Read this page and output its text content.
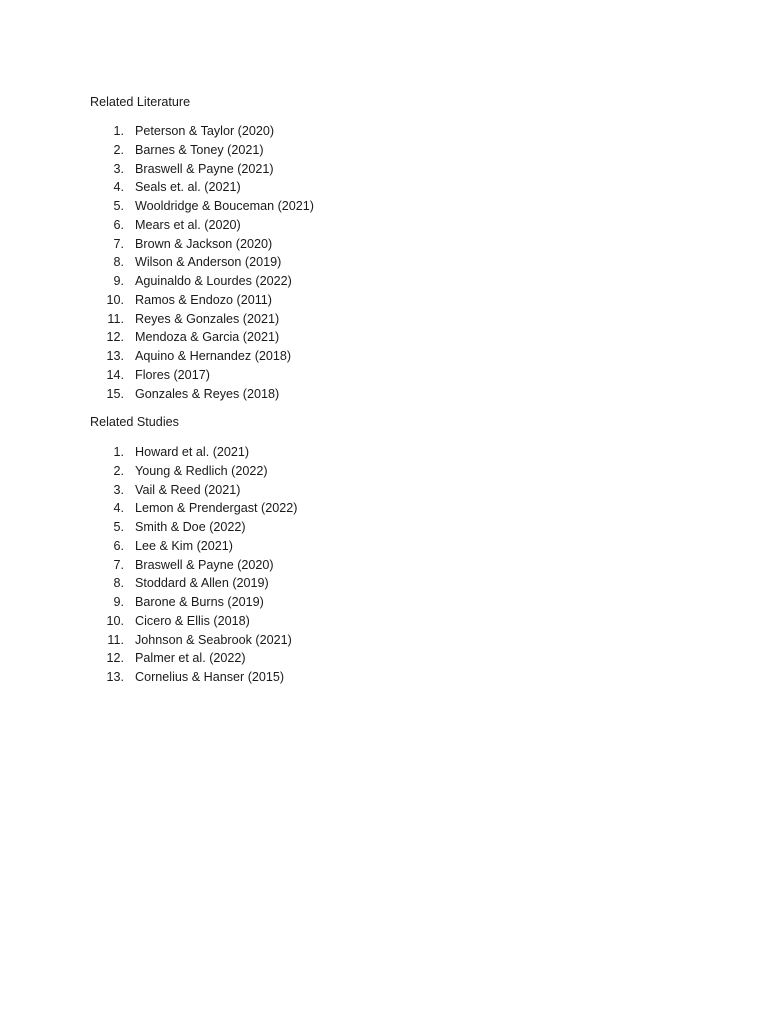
Related Literature
1. Peterson & Taylor (2020)
2. Barnes & Toney (2021)
3. Braswell & Payne (2021)
4. Seals et. al. (2021)
5. Wooldridge & Bouceman (2021)
6. Mears et al. (2020)
7. Brown & Jackson (2020)
8. Wilson & Anderson (2019)
9. Aguinaldo & Lourdes (2022)
10. Ramos & Endozo (2011)
11. Reyes & Gonzales (2021)
12. Mendoza & Garcia (2021)
13. Aquino & Hernandez (2018)
14. Flores (2017)
15. Gonzales & Reyes (2018)
Related Studies
1. Howard et al. (2021)
2. Young & Redlich (2022)
3. Vail & Reed (2021)
4. Lemon & Prendergast (2022)
5. Smith & Doe (2022)
6. Lee & Kim (2021)
7. Braswell & Payne (2020)
8. Stoddard & Allen (2019)
9. Barone & Burns (2019)
10. Cicero & Ellis (2018)
11. Johnson & Seabrook (2021)
12. Palmer et al. (2022)
13. Cornelius & Hanser (2015)
